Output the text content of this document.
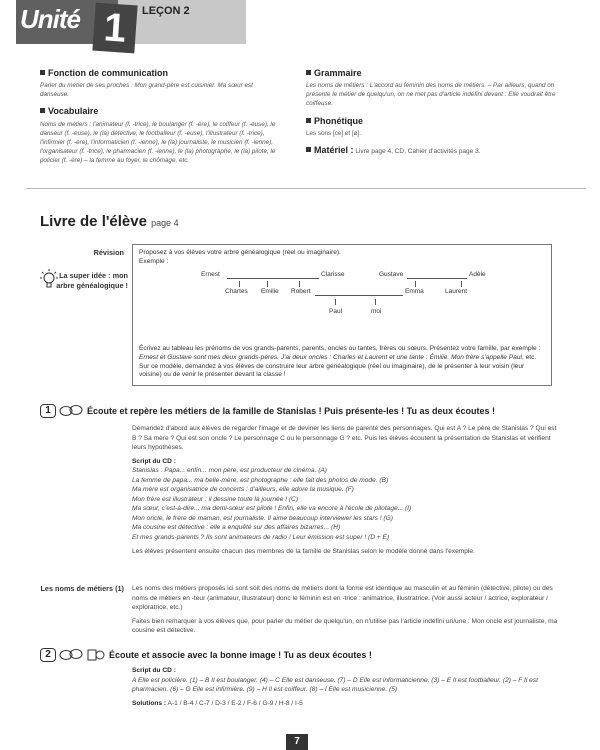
Unité 1	LEÇON 2
Fonction de communication
Parler du métier de ses proches : Mon grand-père est cuisinier. Ma sœur est danseuse.
Vocabulaire
Noms de métiers : l'animateur (f. -trice), le boulanger (f. -ère), le coiffeur (f. -euse), le danseur (f. -euse), le (la) détective, le footballeur (f. -euse), l'illustrateur (f. -trice), l'infirmier (f. -ère), l'informaticien (f. -ienne), le (la) journaliste, le musicien (f. -ienne), l'organisateur (f. -trice), le pharmacien (f. -ienne), le (la) photographe, le (la) pilote, le policier (f. -ère) – la femme au foyer, le chômage, etc.
Grammaire
Les noms de métiers : L'accord au féminin des noms de métiers. – Par ailleurs, quand on présente le métier de quelqu'un, on ne met pas d'article indéfini devant : Elle voudrait être coiffeuse.
Phonétique
Les sons [ce] et [ø].
Matériel : Livre page 4, CD, Cahier d'activités page 3.
Livre de l'élève page 4
Révision
La super idée : mon arbre généalogique !
Proposez à vos élèves votre arbre généalogique (réel ou imaginaire).
Exemple :
Ernest	Clarisse	Gustave	Adèle
Chartes Emilie Robert	Emma	Laurent
Paul	moi
Écrivez au tableau les prénoms de vos grands-parents, parents, oncles ou tantes, frères ou sœurs. Présentez votre famille, par exemple : Ernest et Gustave sont mes deux grands-pères. J'ai deux oncles : Charles et Laurent et une tante : Émilie. Mon frère s'appelle Paul, etc. Sur ce modèle, demandez à vos élèves de construire leur arbre généalogique (réel ou imaginaire), de le présenter à leur voisin (leur voisine) ou de venir le présenter devant la classe !
1	Écoute et repère les métiers de la famille de Stanislas ! Puis présente-les ! Tu as deux écoutes !
Demandez d'abord aux élèves de regarder l'image et de deviner les liens de parenté des personnages. Qui est A ? Le père de Stanislas ? Qui est B ? Sa mère ? Qui est son oncle ? Le personnage C ou le personnage G ? etc. Puis les élèves écoutent la présentation de Stanislas et vérifient leurs hypothèses.
Script du CD :
Stanislas : Papa... enfin... mon père, est producteur de cinéma. (A)
La femme de papa... ma belle-mère, est photographe : elle fait des photos de mode. (B)
Ma mère est organisatrice de concerts : d'ailleurs, elle adore la musique. (F)
Mon frère est illustrateur : il dessine toute la journée ! (C)
Ma sœur, c'est-à-dire... ma demi-sœur est pilote ! Enfin, elle va encore à l'école de pilotage... (I)
Mon oncle, le frère de maman, est journaliste. Il aime beaucoup interviewer les stars ! (G)
Ma cousine est détective : elle a enquêté sur des affaires bizarres... (H)
Et mes grands-parents ? Ils sont animateurs de radio ! Leur émission est super ! (D + E)
Les élèves présentent ensuite chacun des membres de la famille de Stanislas selon le modèle donné dans l'exemple.
Les noms de métiers (1) Les noms des métiers proposés ici sont soit des noms de métiers dont la forme est identique au masculin et au féminin (détective, pilote) ou des noms de métiers en -teur (animateur, illustrateur) donc le féminin est en -trice : animatrice, illustratrice. (Voir aussi acteur / actrice, explorateur / exploratrice, etc.)
Faites bien remarquer à vos élèves que, pour parler du métier de quelqu'un, on n'utilise pas l'article indéfini un/une : Mon oncle est journaliste, ma cousine est détective.
2	Écoute et associe avec la bonne image ! Tu as deux écoutes !
Script du CD :
A Elle est policière. (1) – B Il est boulanger. (4) – C Elle est danseuse. (7) – D Elle est informaticienne. (3) – E Il est footballeur. (2) – F Il est pharmacien. (6) – G Elle est infirmière. (9) – H Il est coiffeur. (8) – I Elle est musicienne. (5)
Solutions : A-1 / B-4 / C-7 / D-3 / E-2 / F-6 / G-9 / H-8 / I-5
7
